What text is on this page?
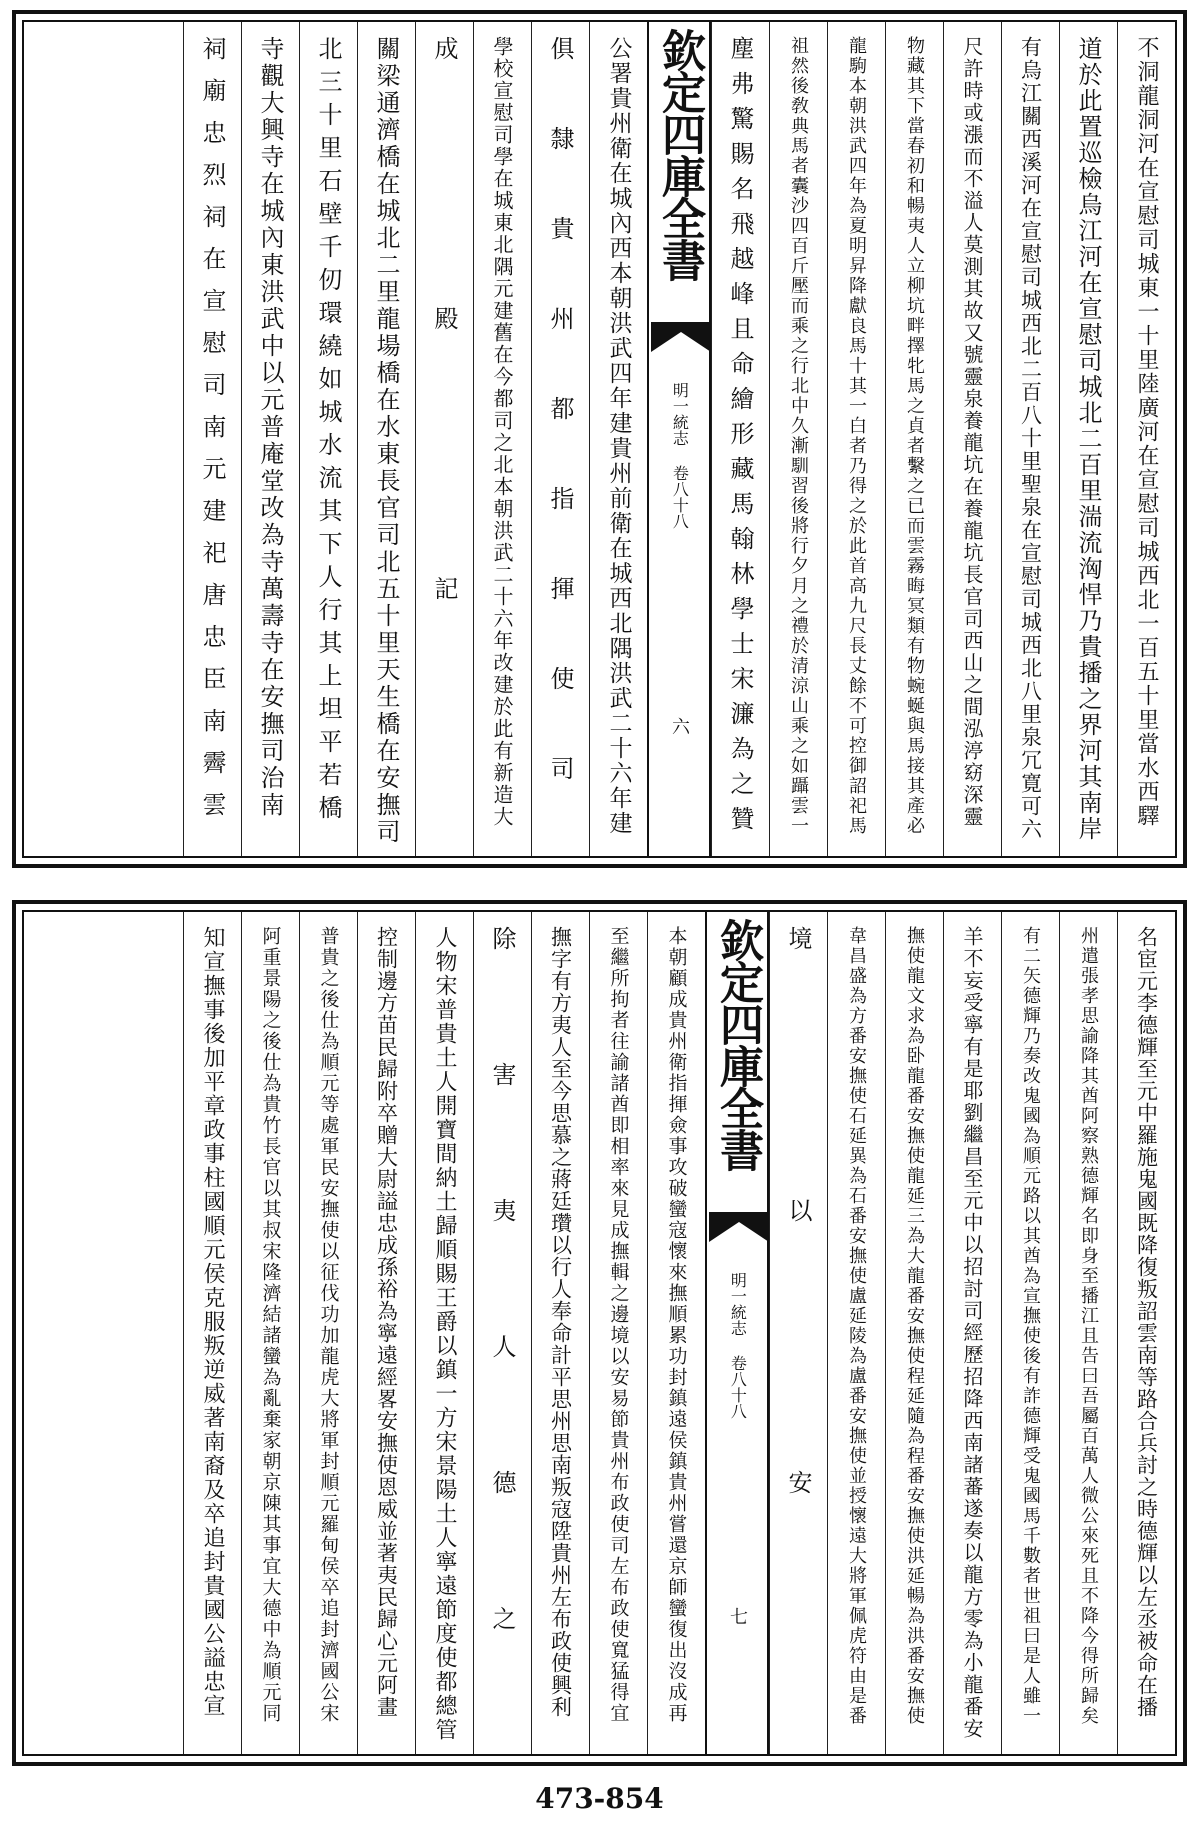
不洞龍洞河在宣慰司城東一十里陸廣河在宣慰司城西北一百五十里當水西驛
道於此置巡檢烏江河在宣慰司城北二百里湍流洶悍乃貴播之界河其南岸
有烏江關西溪河在宣慰司城西北二百八十里聖泉在宣慰司城西北八里泉冗寛可六
尺許時或漲而不溢人莫測其故又號靈泉養龍坑在養龍坑長官司西山之間泓渟窈深靈
物藏其下當春初和暢夷人立柳坑畔擇牝馬之貞者繫之已而雲霧晦冥類有物蜿蜒與馬接其產必
龍駒本朝洪武四年為夏明昇降獻良馬十其一白者乃得之於此首高九尺長丈餘不可控御詔祀馬
祖然後敎典馬者囊沙四百斤壓而乘之行北中久漸馴習後將行夕月之禮於清涼山乘之如躡雲一
塵弗驚賜名飛越峰且命繪形藏馬翰林學士宋濂為之贊
欽定四庫全書
明一統志 卷八十八
六
公署貴州衛在城內西本朝洪武四年建貴州前衛在城西北隅洪武二十六年建
俱隸貴州都指揮使司
學校宣慰司學在城東北隅元建舊在今都司之北本朝洪武二十六年改建於此有新造大
成殿記
關梁通濟橋在城北二里龍場橋在水東長官司北五十里天生橋在安撫司
北三十里石壁千仞環繞如城水流其下人行其上坦平若橋
寺觀大興寺在城內東洪武中以元普庵堂改為寺萬壽寺在安撫司治南
祠廟忠烈祠在宣慰司南元建祀唐忠臣南霽雲
名宦元李德輝至元中羅施鬼國既降復叛詔雲南等路合兵討之時德輝以左丞被命在播
州遣張孝思諭降其酋阿察熟德輝名即身至播江且告曰吾屬百萬人微公來死且不降今得所歸矣
有二矢德輝乃奏改鬼國為順元路以其酋為宣撫使後有詐德輝受鬼國馬千數者世祖曰是人雖一
羊不妄受寧有是耶劉繼昌至元中以招討司經歷招降西南諸蕃遂奏以龍方零為小龍番安
撫使龍文求為卧龍番安撫使龍延三為大龍番安撫使程延隨為程番安撫使洪延暢為洪番安撫使
韋昌盛為方番安撫使石延異為石番安撫使盧延陵為盧番安撫使並授懷遠大將軍佩虎符由是番
境以安
欽定四庫全書
明一統志 卷八十八
七
本朝顧成貴州衛指揮僉事攻破蠻寇懷來撫順累功封鎮遠侯鎮貴州嘗還京師蠻復出沒成再
至繼所拘者往諭諸酋即相率來見成撫輯之邊境以安易節貴州布政使司左布政使寬猛得宜
撫字有方夷人至今思慕之蔣廷瓚以行人奉命計平思州思南叛寇陞貴州左布政使興利
除害夷人德之
人物宋普貴土人開寶間納土歸順賜王爵以鎮一方宋景陽土人寧遠節度使都總管
控制邊方苗民歸附卒贈大尉謚忠成孫裕為寧遠經畧安撫使恩威並著夷民歸心元阿畫
普貴之後仕為順元等處軍民安撫使以征伐功加龍虎大將軍封順元羅甸侯卒追封濟國公宋
阿重景陽之後仕為貴竹長官以其叔宋隆濟結諸蠻為亂棄家朝京陳其事宜大德中為順元同
知宣撫事後加平章政事柱國順元侯克服叛逆威著南裔及卒追封貴國公謚忠宣
473-854
